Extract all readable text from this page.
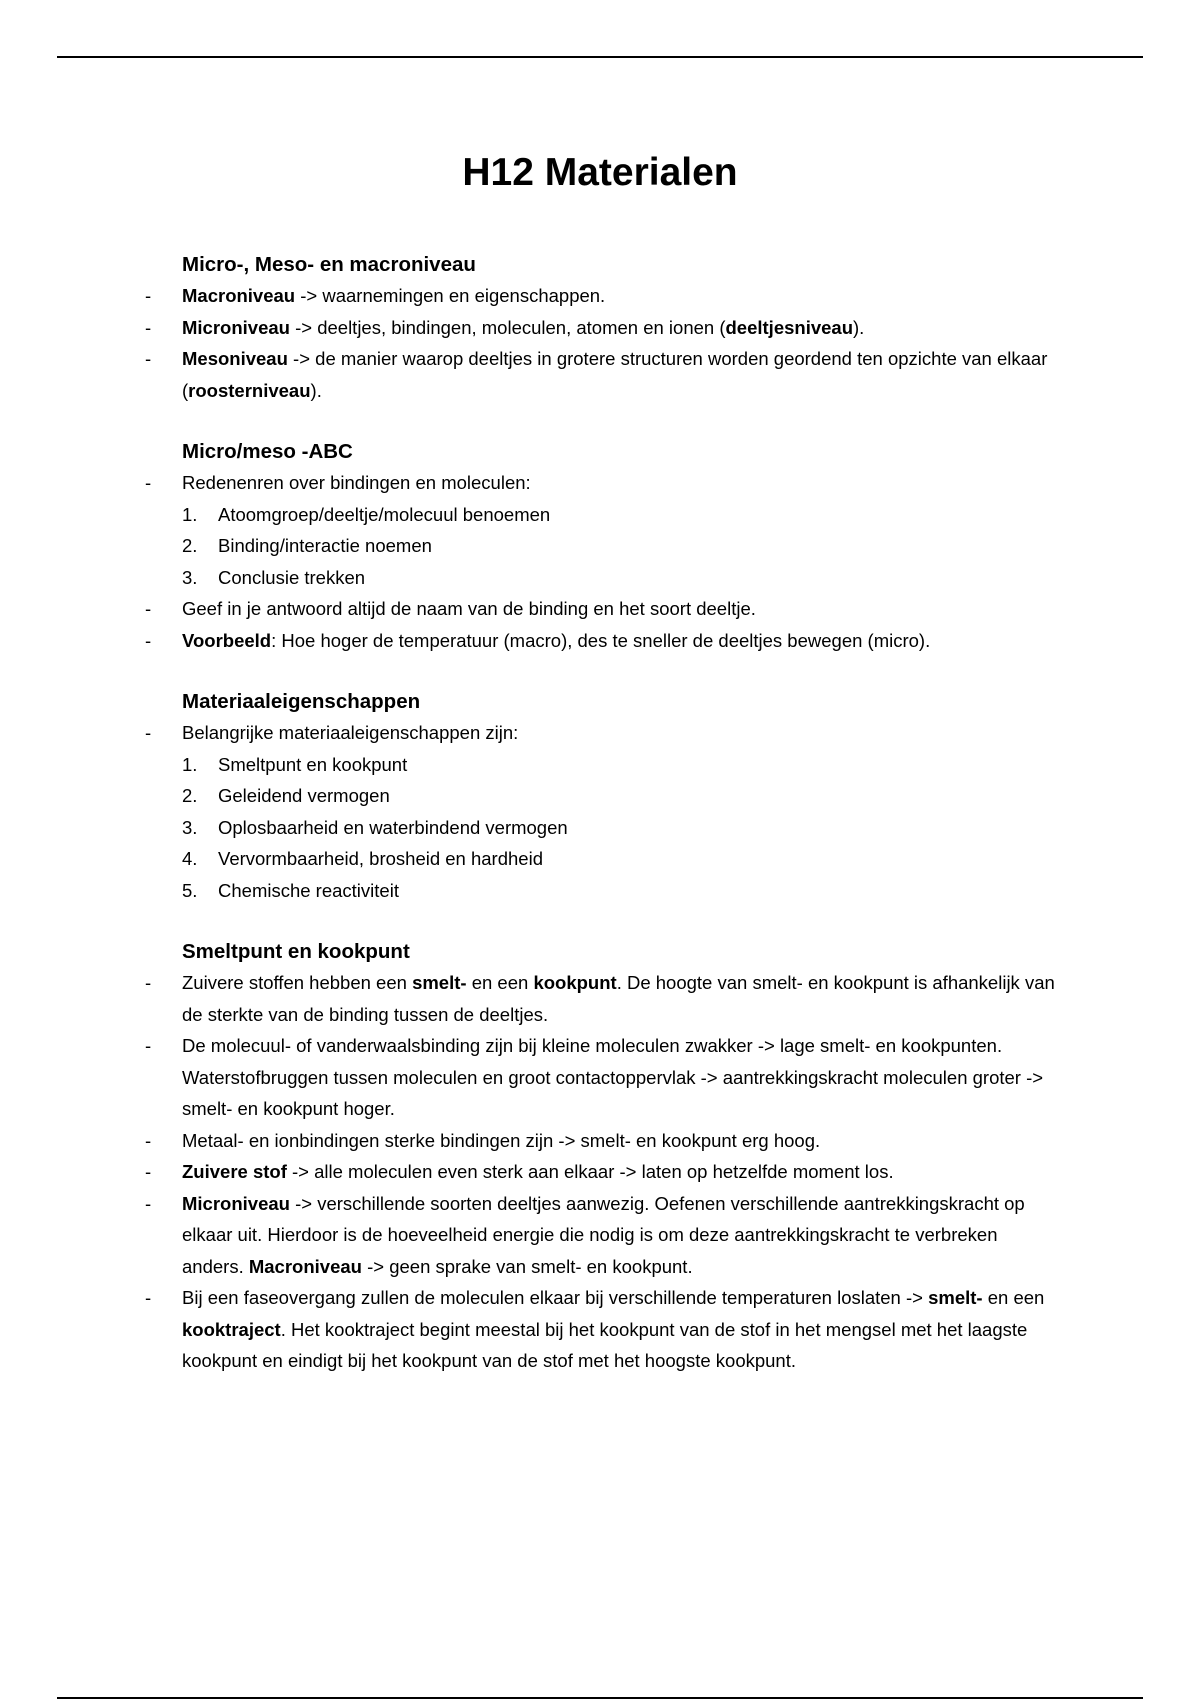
H12 Materialen
Micro-, Meso- en macroniveau
- Macroniveau -> waarnemingen en eigenschappen.
- Microniveau -> deeltjes, bindingen, moleculen, atomen en ionen (deeltjesniveau).
- Mesoniveau -> de manier waarop deeltjes in grotere structuren worden geordend ten opzichte van elkaar (roosterniveau).
Micro/meso -ABC
- Redenenren over bindingen en moleculen:
1.	Atoomgroep/deeltje/molecuul benoemen
2.	Binding/interactie noemen
3.	Conclusie trekken
- Geef in je antwoord altijd de naam van de binding en het soort deeltje.
- Voorbeeld: Hoe hoger de temperatuur (macro), des te sneller de deeltjes bewegen (micro).
Materiaaleigenschappen
- Belangrijke materiaaleigenschappen zijn:
1.	Smeltpunt en kookpunt
2.	Geleidend vermogen
3.	Oplosbaarheid en waterbindend vermogen
4.	Vervormbaarheid, brosheid en hardheid
5.	Chemische reactiviteit
Smeltpunt en kookpunt
- Zuivere stoffen hebben een smelt- en een kookpunt. De hoogte van smelt- en kookpunt is afhankelijk van de sterkte van de binding tussen de deeltjes.
- De molecuul- of vanderwaalsbinding zijn bij kleine moleculen zwakker -> lage smelt- en kookpunten. Waterstofbruggen tussen moleculen en groot contactoppervlak -> aantrekkingskracht moleculen groter -> smelt- en kookpunt hoger.
- Metaal- en ionbindingen sterke bindingen zijn -> smelt- en kookpunt erg hoog.
- Zuivere stof -> alle moleculen even sterk aan elkaar -> laten op hetzelfde moment los.
- Microniveau -> verschillende soorten deeltjes aanwezig. Oefenen verschillende aantrekkingskracht op elkaar uit. Hierdoor is de hoeveelheid energie die nodig is om deze aantrekkingskracht te verbreken anders. Macroniveau -> geen sprake van smelt- en kookpunt.
- Bij een faseovergang zullen de moleculen elkaar bij verschillende temperaturen loslaten -> smelt- en een kooktraject. Het kooktraject begint meestal bij het kookpunt van de stof in het mengsel met het laagste kookpunt en eindigt bij het kookpunt van de stof met het hoogste kookpunt.
